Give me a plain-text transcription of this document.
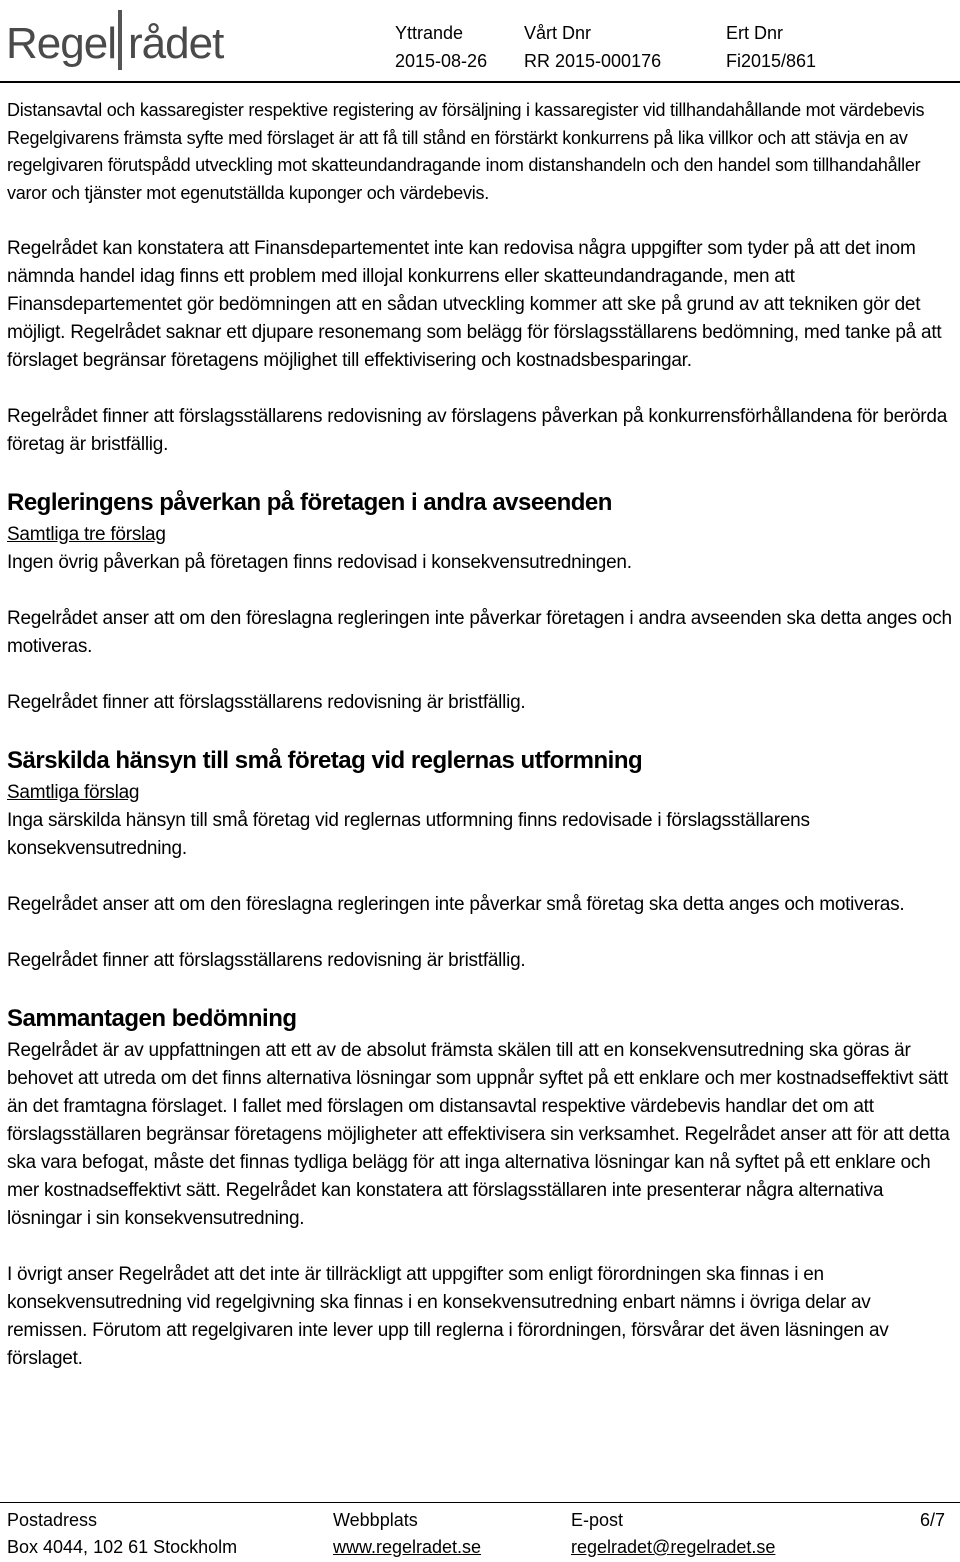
Regel rådet	Yttrande
2015-08-26
Vårt Dnr
RR 2015-000176
Ert Dnr
Fi2015/861

Distansavtal och kassaregister respektive registering av försäljning i kassaregister vid tillhandahållande mot värdebevis

Regelgivarens främsta syfte med förslaget är att få till stånd en förstärkt konkurrens på lika villkor och att stävja en av regelgivaren förutspådd utveckling mot skatteundandragande inom distanshandeln och den handel som tillhandahåller varor och tjänster mot egenutställda kuponger och värdebevis.

Regelrådet kan konstatera att Finansdepartementet inte kan redovisa några uppgifter som tyder på att det inom nämnda handel idag finns ett problem med illojal konkurrens eller skatteundandragande, men att Finansdepartementet gör bedömningen att en sådan utveckling kommer att ske på grund av att tekniken gör det möjligt. Regelrådet saknar ett djupare resonemang som belägg för förslagsställarens bedömning, med tanke på att förslaget begränsar företagens möjlighet till effektivisering och kostnadsbesparingar.

Regelrådet finner att förslagsställarens redovisning av förslagens påverkan på konkurrensförhållandena för berörda företag är bristfällig.

Regleringens påverkan på företagen i andra avseenden

Samtliga tre förslag

Ingen övrig påverkan på företagen finns redovisad i konsekvensutredningen.

Regelrådet anser att om den föreslagna regleringen inte påverkar företagen i andra avseenden ska detta anges och motiveras.

Regelrådet finner att förslagsställarens redovisning är bristfällig.

Särskilda hänsyn till små företag vid reglernas utformning

Samtliga förslag

Inga särskilda hänsyn till små företag vid reglernas utformning finns redovisade i förslagsställarens konsekvensutredning.

Regelrådet anser att om den föreslagna regleringen inte påverkar små företag ska detta anges och motiveras.

Regelrådet finner att förslagsställarens redovisning är bristfällig.

Sammantagen bedömning

Regelrådet är av uppfattningen att ett av de absolut främsta skälen till att en konsekvensutredning ska göras är behovet att utreda om det finns alternativa lösningar som uppnår syftet på ett enklare och mer kostnadseffektivt sätt än det framtagna förslaget. I fallet med förslagen om distansavtal respektive värdebevis handlar det om att förslagsställaren begränsar företagens möjligheter att effektivisera sin verksamhet. Regelrådet anser att för att detta ska vara befogat, måste det finnas tydliga belägg för att inga alternativa lösningar kan nå syftet på ett enklare och mer kostnadseffektivt sätt. Regelrådet kan konstatera att förslagsställaren inte presenterar några alternativa lösningar i sin konsekvensutredning.

I övrigt anser Regelrådet att det inte är tillräckligt att uppgifter som enligt förordningen ska finnas i en konsekvensutredning vid regelgivning ska finnas i en konsekvensutredning enbart nämns i övriga delar av remissen. Förutom att regelgivaren inte lever upp till reglerna i förordningen, försvårar det även läsningen av förslaget.

Postadress
Box 4044, 102 61 Stockholm
Webbplats
www.regelradet.se
E-post
regelradet@regelradet.se
6/7
